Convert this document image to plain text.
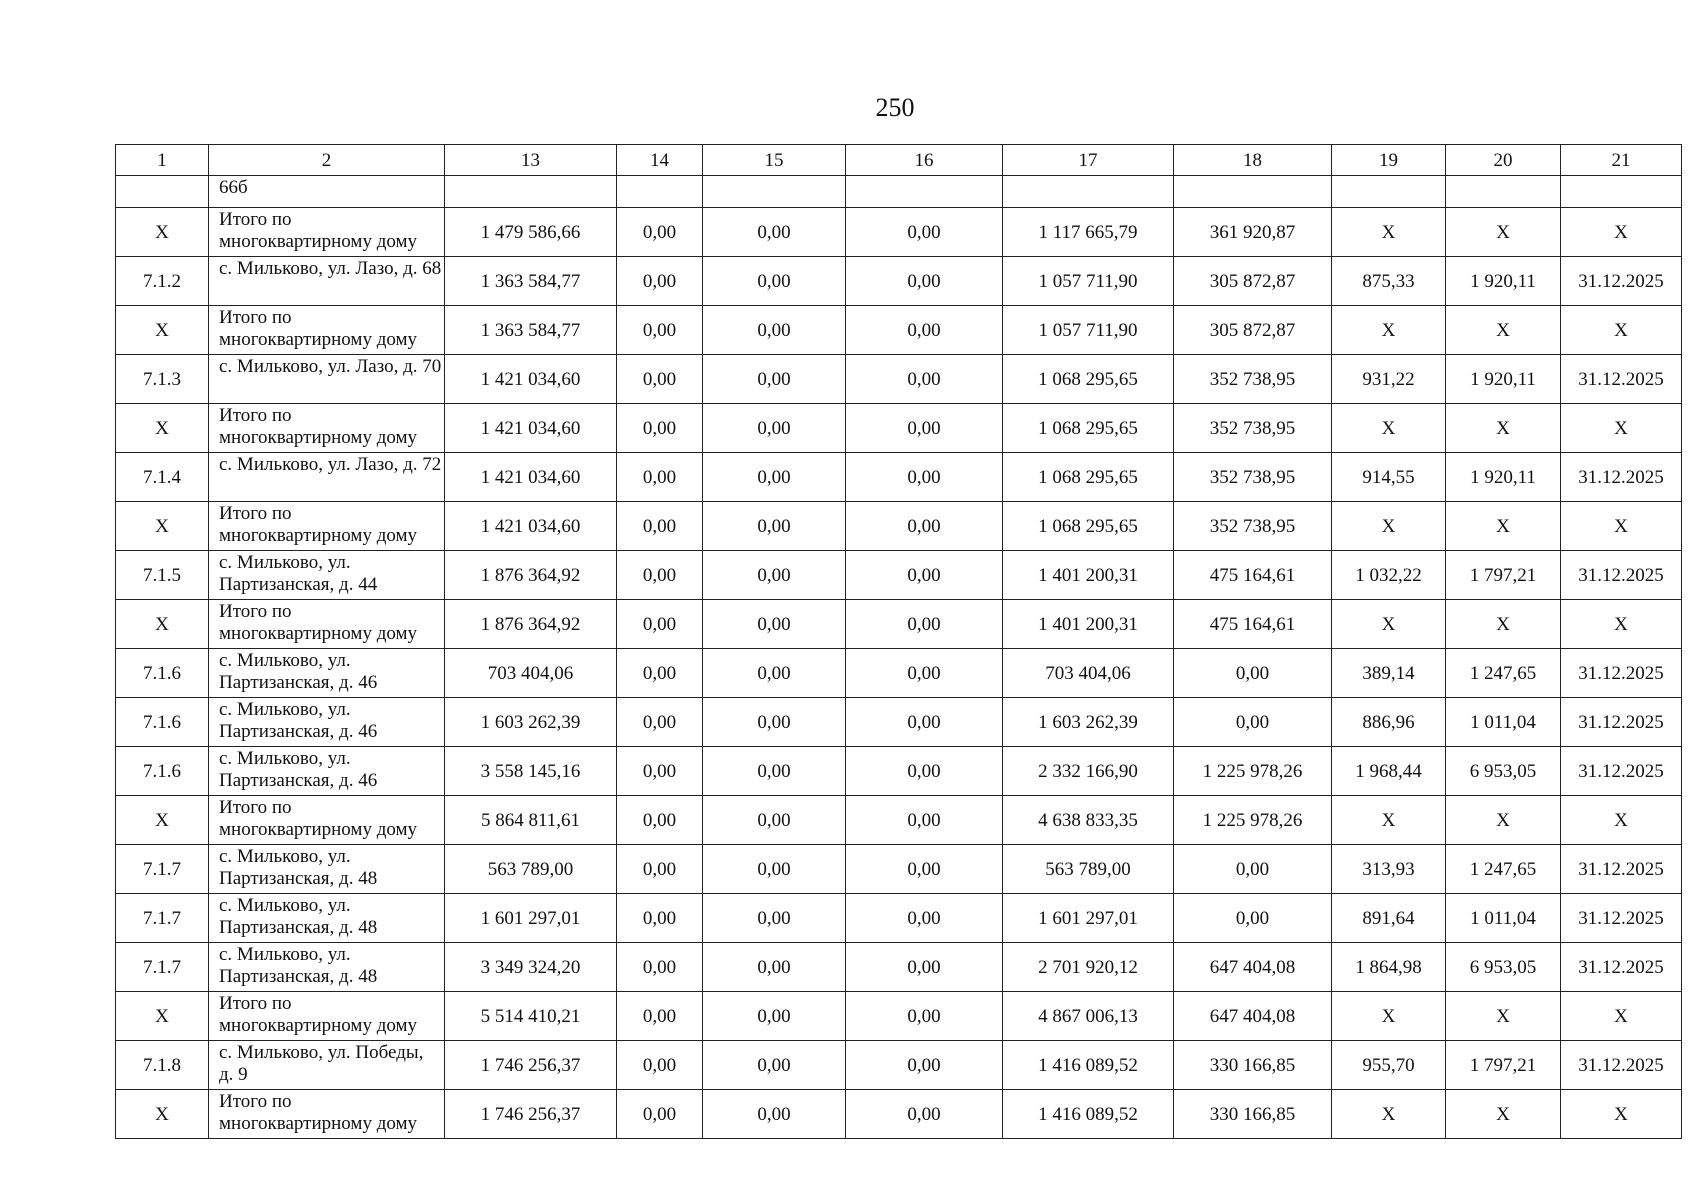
250
1	2	13	14	15	16	17	18	19	20	21
	66б									
X	Итого по многоквартирному дому	1 479 586,66	0,00	0,00	0,00	1 117 665,79	361 920,87	X	X	X
7.1.2	с. Мильково, ул. Лазо, д. 68	1 363 584,77	0,00	0,00	0,00	1 057 711,90	305 872,87	875,33	1 920,11	31.12.2025
X	Итого по многоквартирному дому	1 363 584,77	0,00	0,00	0,00	1 057 711,90	305 872,87	X	X	X
7.1.3	с. Мильково, ул. Лазо, д. 70	1 421 034,60	0,00	0,00	0,00	1 068 295,65	352 738,95	931,22	1 920,11	31.12.2025
X	Итого по многоквартирному дому	1 421 034,60	0,00	0,00	0,00	1 068 295,65	352 738,95	X	X	X
7.1.4	с. Мильково, ул. Лазо, д. 72	1 421 034,60	0,00	0,00	0,00	1 068 295,65	352 738,95	914,55	1 920,11	31.12.2025
X	Итого по многоквартирному дому	1 421 034,60	0,00	0,00	0,00	1 068 295,65	352 738,95	X	X	X
7.1.5	с. Мильково, ул. Партизанская, д. 44	1 876 364,92	0,00	0,00	0,00	1 401 200,31	475 164,61	1 032,22	1 797,21	31.12.2025
X	Итого по многоквартирному дому	1 876 364,92	0,00	0,00	0,00	1 401 200,31	475 164,61	X	X	X
7.1.6	с. Мильково, ул. Партизанская, д. 46	703 404,06	0,00	0,00	0,00	703 404,06	0,00	389,14	1 247,65	31.12.2025
7.1.6	с. Мильково, ул. Партизанская, д. 46	1 603 262,39	0,00	0,00	0,00	1 603 262,39	0,00	886,96	1 011,04	31.12.2025
7.1.6	с. Мильково, ул. Партизанская, д. 46	3 558 145,16	0,00	0,00	0,00	2 332 166,90	1 225 978,26	1 968,44	6 953,05	31.12.2025
X	Итого по многоквартирному дому	5 864 811,61	0,00	0,00	0,00	4 638 833,35	1 225 978,26	X	X	X
7.1.7	с. Мильково, ул. Партизанская, д. 48	563 789,00	0,00	0,00	0,00	563 789,00	0,00	313,93	1 247,65	31.12.2025
7.1.7	с. Мильково, ул. Партизанская, д. 48	1 601 297,01	0,00	0,00	0,00	1 601 297,01	0,00	891,64	1 011,04	31.12.2025
7.1.7	с. Мильково, ул. Партизанская, д. 48	3 349 324,20	0,00	0,00	0,00	2 701 920,12	647 404,08	1 864,98	6 953,05	31.12.2025
X	Итого по многоквартирному дому	5 514 410,21	0,00	0,00	0,00	4 867 006,13	647 404,08	X	X	X
7.1.8	с. Мильково, ул. Победы, д. 9	1 746 256,37	0,00	0,00	0,00	1 416 089,52	330 166,85	955,70	1 797,21	31.12.2025
X	Итого по многоквартирному дому	1 746 256,37	0,00	0,00	0,00	1 416 089,52	330 166,85	X	X	X
